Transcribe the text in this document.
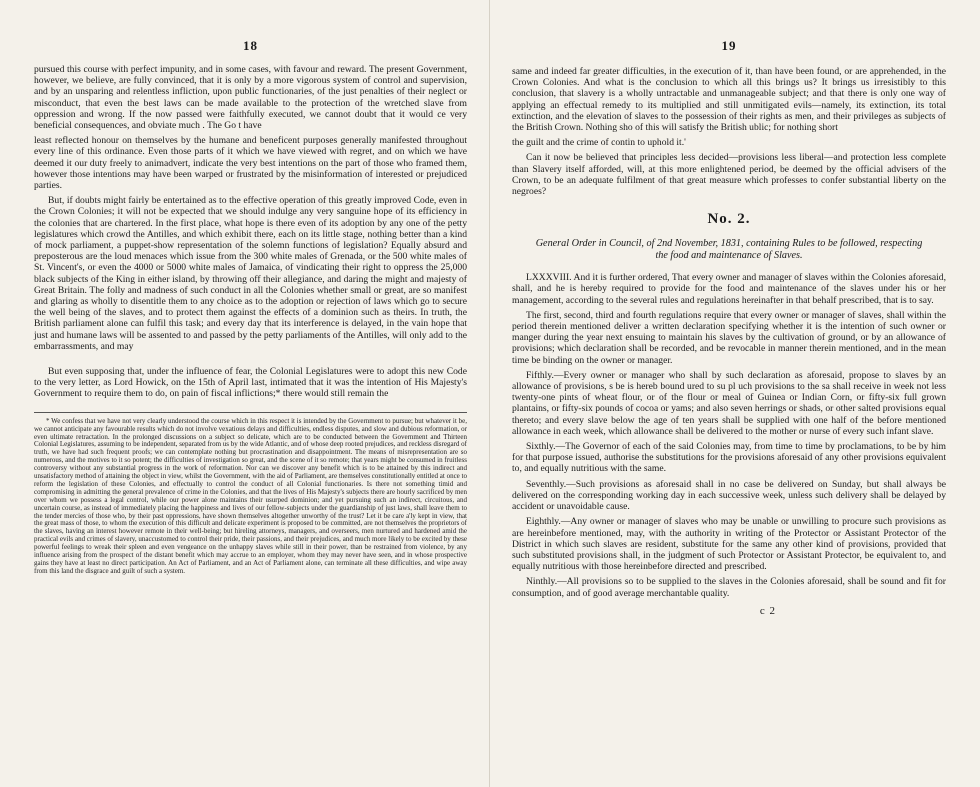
18

pursued this course with perfect impunity, and in some cases, with favour and reward. The present Government, however, we believe, are fully convinced, that it is only by a more vigorous system of control and supervision, and by an unsparing and relentless infliction, upon public functionaries, of the just penalties of their neglect or misconduct, that even the best laws can be made available to the protection of the wretched slave from oppression and wrong. If the now passed were faithfully executed, we cannot doubt that it would ce very beneficial consequences, and obviate much . The Go t have

least reflected honour on themselves by the humane and beneficent purposes generally manifested throughout every line of this ordinance. Even those parts of it which we have viewed with regret, and on which we have deemed it our duty freely to animadvert, indicate the very best intentions on the part of those who framed them, however those intentions may have been warped or frustrated by the misinformation of interested or prejudiced parties.

But, if doubts might fairly be entertained as to the effective operation of this greatly improved Code, even in the Crown Colonies; it will not be expected that we should indulge any very sanguine hope of its efficiency in the colonies that are chartered. In the first place, what hope is there even of its adoption by any one of the petty legislatures which crowd the Antilles, and which exhibit there, each on its little stage, nothing better than a kind of mock parliament, a puppet-show representation of the solemn functions of legislation? Equally absurd and preposterous are the loud menaces which issue from the 300 white males of Grenada, or the 500 white males of St. Vincent's, or even the 4000 or 5000 white males of Jamaica, of vindicating their right to oppress the 25,000 black subjects of the King in either island, by throwing off their allegiance, and daring the might and majesty of Great Britain. The folly and madness of such conduct in all the Colonies whether small or great, are so manifest and glaring as wholly to disentitle them to any choice as to the adoption or rejection of laws which go to secure the well being of the slaves, and to protect them against the effects of a dominion such as theirs. In truth, the British parliament alone can fulfil this task; and every day that its interference is delayed, in the vain hope that just and humane laws will be assented to and passed by the petty parliaments of the Antilles, will only add to the embarrassments, and may

But even supposing that, under the influence of fear, the Colonial Legislatures were to adopt this new Code to the very letter, as Lord Howick, on the 15th of April last, intimated that it was the intention of His Majesty's Government to require them to do, on pain of fiscal inflictions;* there would still remain the

* We confess that we have not very clearly understood the course which in this respect it is intended by the Government to pursue; but whatever it be, we cannot anticipate any favourable results which do not involve vexatious delays and difficulties, endless disputes, and slow and dubious reformation, or even ultimate retractation. In the prolonged discussions on a subject so delicate, which are to be conducted between the Government and Thirteen Colonial Legislatures, assuming to be independent, separated from us by the wide Atlantic, and of whose deep rooted prejudices, and reckless disregard of truth, we have had such frequent proofs; we can contemplate nothing but procrastination and disappointment. The means of misrepresentation are so numerous, and the motives to it so potent; the difficulties of investigation so great, and the scene of it so remote; that years might be consumed in fruitless controversy without any substantial progress in the work of reformation. Nor can we discover any benefit which is to be attained by this indirect and unsatisfactory method of attaining the object in view, whilst the Government, with the aid of Parliament, are themselves constitutionally entitled at once to reform the legislation of these Colonies, and effectually to control the conduct of all Colonial functionaries. Is there not something timid and compromising in admitting the general prevalence of crime in the Colonies, and that the lives of His Majesty's subjects there are hourly sacrificed by men over whom we possess a legal control, while our power alone maintains their usurped dominion; and yet pursuing such an indirect, circuitous, and uncertain course, as instead of immediately placing the happiness and lives of our fellow-subjects under the guardianship of just laws, shall leave them to the tender mercies of those who, by their past oppressions, have shown themselves altogether unworthy of the trust? Let it be care a'ly kept in view, that the great mass of those, to whom the execution of this difficult and delicate experiment is proposed to be committed, are not themselves the proprietors of the slaves, having an interest however remote in their well-being; but hireling attorneys, managers, and overseers, men nurtured and hardened amid the practical evils and crimes of slavery, unaccustomed to control their pride, their passions, and their prejudices, and much more likely to be excited by these powerful feelings to wreak their spleen and even vengeance on the unhappy slaves while still in their power, than be restrained from violence, by any influence arising from the prospect of the distant benefit which may accrue to an employer, whom they may never have seen, and in whose prospective gains they have at least no direct participation. An Act of Parliament, and an Act of Parliament alone, can terminate all these difficulties, and wipe away from this land the disgrace and guilt of such a system.

19

same and indeed far greater difficulties, in the execution of it, than have been found, or are apprehended, in the Crown Colonies. And what is the conclusion to which all this brings us? It brings us irresistibly to this conclusion, that slavery is a wholly untractable and unmanageable subject; and that there is only one way of applying an effectual remedy to its multiplied and still unmitigated evils—namely, its extinction, its total extinction, and the elevation of slaves to the possession of their rights as men, and their privileges as subjects of the British Crown. Nothing sho of this will satisfy the British ublic; for nothing short

the guilt and the crime of contin to uphold it.'

Can it now be believed that principles less decided—provisions less liberal—and protection less complete than Slavery itself afforded, will, at this more enlightened period, be deemed by the official advisers of the Crown, to be an adequate fulfilment of that great measure which professes to confer substantial liberty on the negroes?

No. 2.
General Order in Council, of 2nd November, 1831, containing Rules to be followed, respecting the food and maintenance of Slaves.

LXXXVIII. And it is further ordered, That every owner and manager of slaves within the Colonies aforesaid, shall, and he is hereby required to provide for the food and maintenance of the slaves under his or her management, according to the several rules and regulations hereinafter in that behalf prescribed, that is to say.

The first, second, third and fourth regulations require that every owner or manager of slaves, shall within the period therein mentioned deliver a written declaration specifying whether it is the intention of such owner or manger during the year next ensuing to maintain his slaves by the cultivation of ground, or by an allowance of provisions; which declaration shall be recorded, and be revocable in manner therein mentioned, and in the mean time be binding on the owner or manager.

Fifthly.—Every owner or manager who shall by such declaration as aforesaid, propose to slaves by an allowance of provisions, s be is hereb bound ured to su pl uch provisions to the sa shall receive in week not less twenty-one pints of wheat flour, or of the flour or meal of Guinea or Indian Corn, or fifty-six full grown plantains, or fifty-six pounds of cocoa or yams; and also seven herrings or shads, or other salted provisions equal thereto; and every slave below the age of ten years shall be supplied with one half of the before mentioned allowance in each week, which allowance shall be delivered to the mother or nurse of every such infant slave.

Sixthly.—The Governor of each of the said Colonies may, from time to time by proclamations, to be by him for that purpose issued, authorise the substitutions for the provisions aforesaid of any other provisions equivalent to, and equally nutritious with the same.

Seventhly.—Such provisions as aforesaid shall in no case be delivered on Sunday, but shall always be delivered on the corresponding working day in each successive week, unless such delivery shall be delayed by accident or unavoidable cause.

Eighthly.—Any owner or manager of slaves who may be unable or unwilling to procure such provisions as are hereinbefore mentioned, may, with the authority in writing of the Protector or Assistant Protector of the District in which such slaves are resident, substitute for the same any other kind of provisions, provided that such substituted provisions shall, in the judgment of such Protector or Assistant Protector, be equivalent to, and equally nutritious with those hereinbefore directed and prescribed.

Ninthly.—All provisions so to be supplied to the slaves in the Colonies aforesaid, shall be sound and fit for consumption, and of good average merchantable quality.

c 2
